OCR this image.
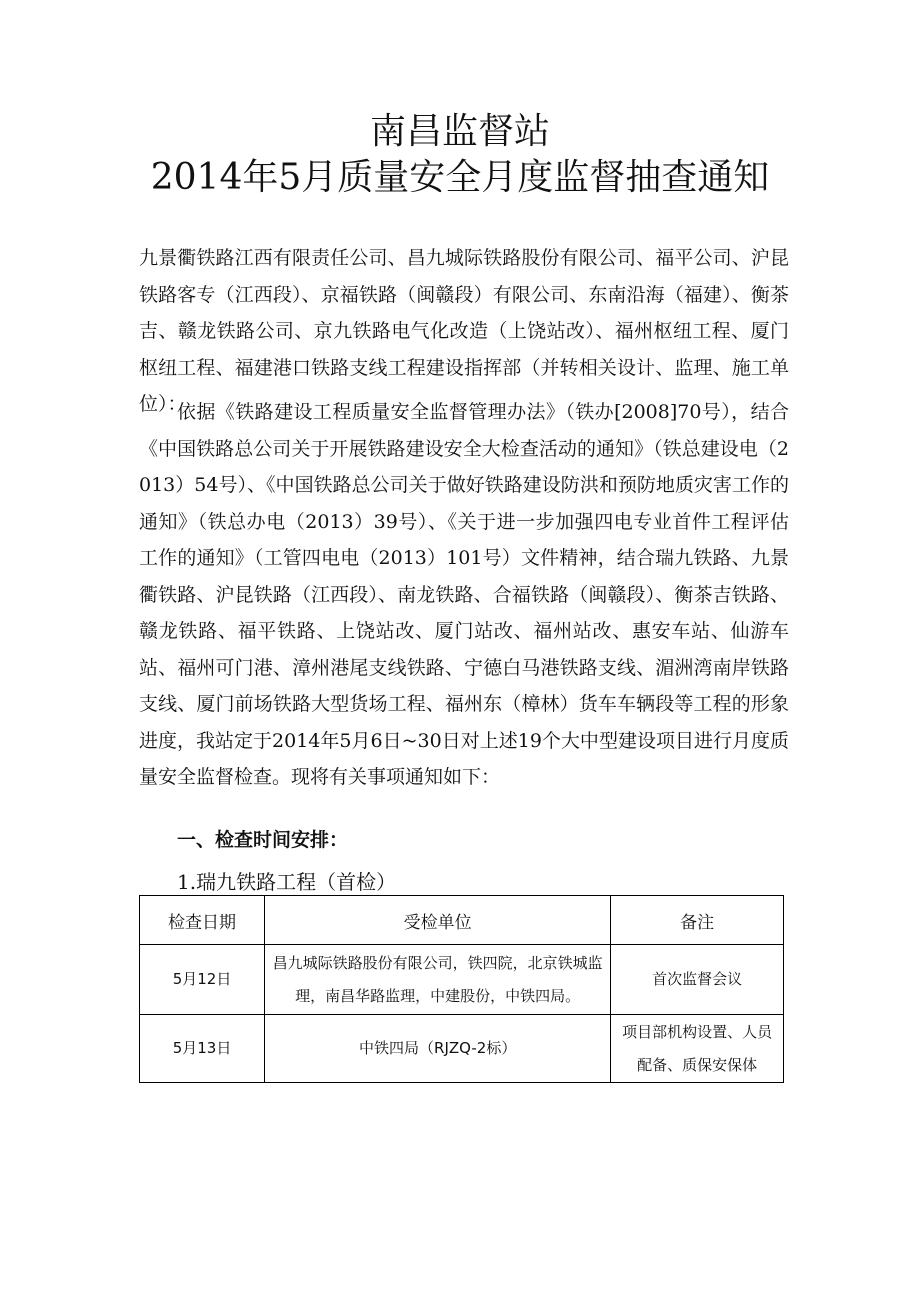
南昌监督站
2014年5月质量安全月度监督抽查通知
九景衢铁路江西有限责任公司、昌九城际铁路股份有限公司、福平公司、沪昆铁路客专（江西段）、京福铁路（闽赣段）有限公司、东南沿海（福建）、衡茶吉、赣龙铁路公司、京九铁路电气化改造（上饶站改）、福州枢纽工程、厦门枢纽工程、福建港口铁路支线工程建设指挥部（并转相关设计、监理、施工单位）：
依据《铁路建设工程质量安全监督管理办法》（铁办[2008]70号），结合《中国铁路总公司关于开展铁路建设安全大检查活动的通知》（铁总建设电（2013）54号）、《中国铁路总公司关于做好铁路建设防洪和预防地质灾害工作的通知》（铁总办电（2013）39号）、《关于进一步加强四电专业首件工程评估工作的通知》（工管四电电（2013）101号）文件精神，结合瑞九铁路、九景衢铁路、沪昆铁路（江西段）、南龙铁路、合福铁路（闽赣段）、衡茶吉铁路、赣龙铁路、福平铁路、上饶站改、厦门站改、福州站改、惠安车站、仙游车站、福州可门港、漳州港尾支线铁路、宁德白马港铁路支线、湄洲湾南岸铁路支线、厦门前场铁路大型货场工程、福州东（樟林）货车车辆段等工程的形象进度，我站定于2014年5月6日~30日对上述19个大中型建设项目进行月度质量安全监督检查。现将有关事项通知如下：
一、检查时间安排：
1.瑞九铁路工程（首检）
检查日期	受检单位	备注
5月12日	昌九城际铁路股份有限公司，铁四院，北京铁城监理，南昌华路监理，中建股份，中铁四局。	首次监督会议
5月13日	中铁四局（RJZQ-2标）	项目部机构设置、人员配备、质保安保体
